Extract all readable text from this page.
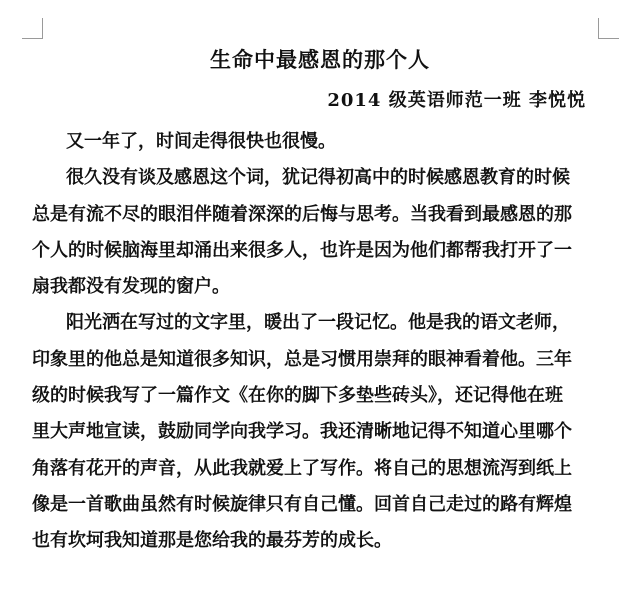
生命中最感恩的那个人
2014 级英语师范一班 李悦悦
又一年了，时间走得很快也很慢。
很久没有谈及感恩这个词，犹记得初高中的时候感恩教育的时候
总是有流不尽的眼泪伴随着深深的后悔与思考。当我看到最感恩的那
个人的时候脑海里却涌出来很多人，也许是因为他们都帮我打开了一
扇我都没有发现的窗户。
阳光洒在写过的文字里，暖出了一段记忆。他是我的语文老师，
印象里的他总是知道很多知识，总是习惯用崇拜的眼神看着他。三年
级的时候我写了一篇作文《在你的脚下多垫些砖头》，还记得他在班
里大声地宣读，鼓励同学向我学习。我还清晰地记得不知道心里哪个
角落有花开的声音，从此我就爱上了写作。将自己的思想流泻到纸上
像是一首歌曲虽然有时候旋律只有自己懂。回首自己走过的路有辉煌
也有坎坷我知道那是您给我的最芬芳的成长。
